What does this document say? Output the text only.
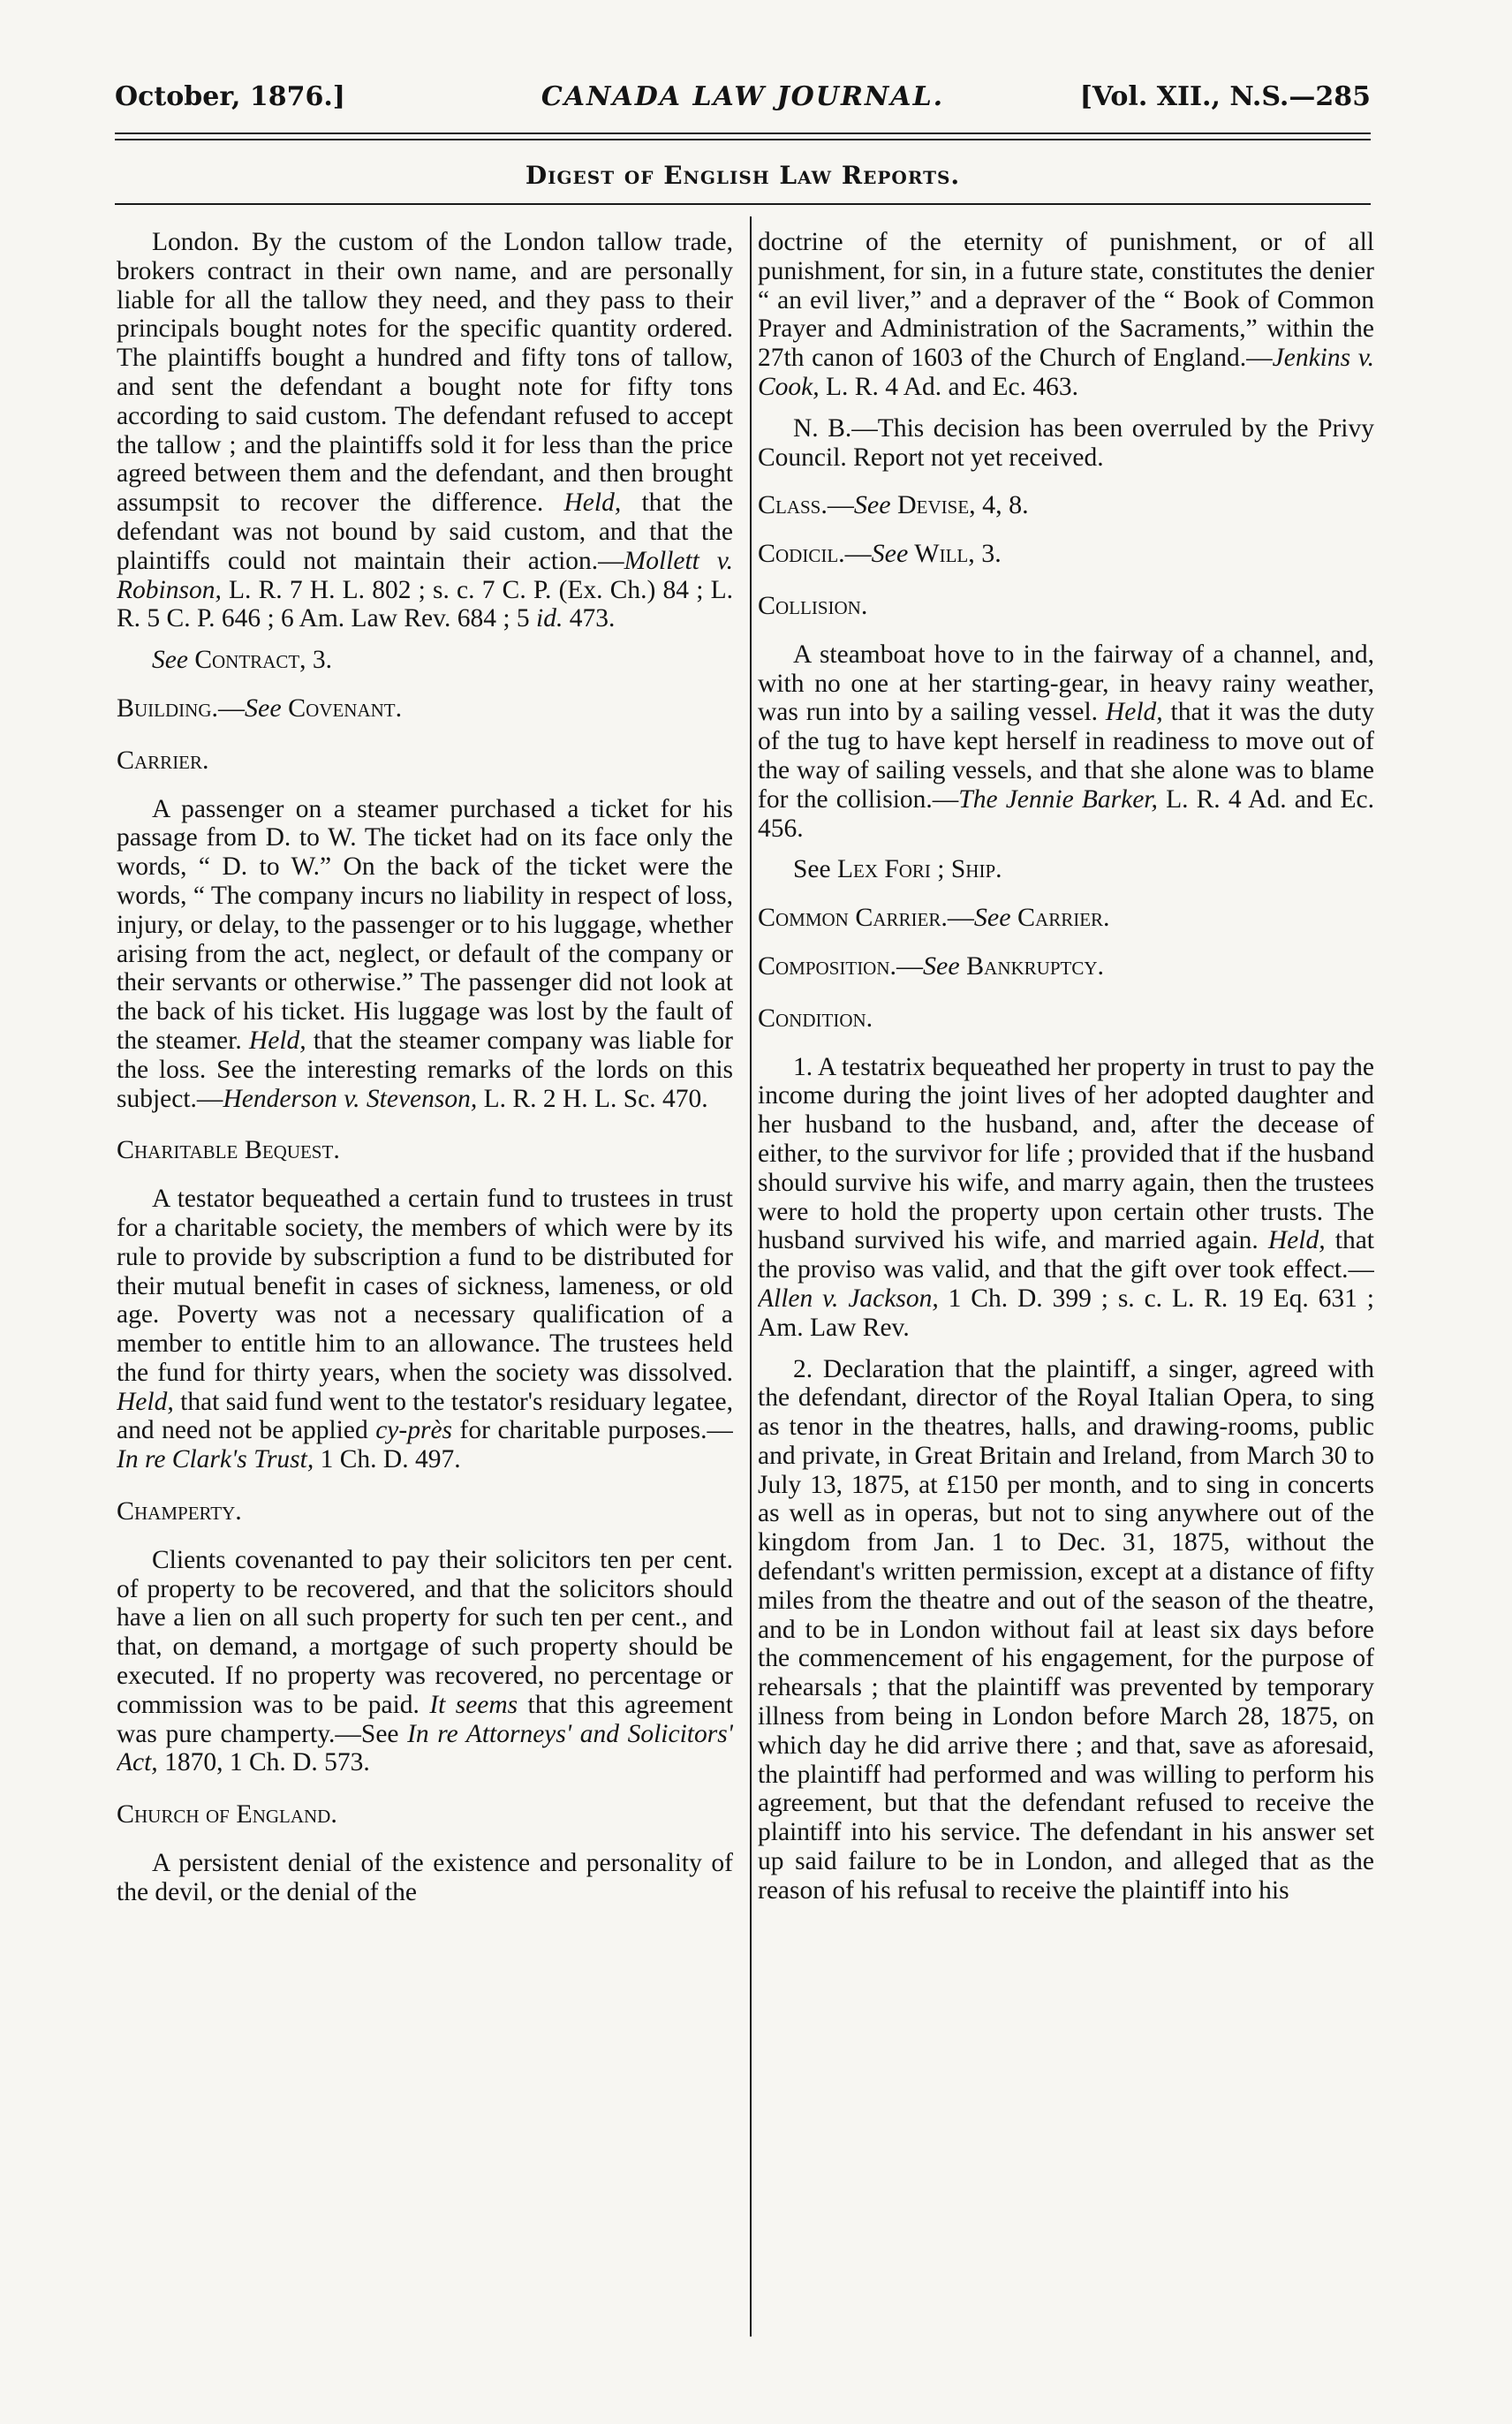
October, 1876.]	CANADA LAW JOURNAL.	[Vol. XII., N.S.—285
Digest of English Law Reports.

London. By the custom of the London tallow trade, brokers contract in their own name, and are personally liable for all the tallow they need, and they pass to their principals bought notes for the specific quantity ordered. The plaintiffs bought a hundred and fifty tons of tallow, and sent the defendant a bought note for fifty tons according to said custom. The defendant refused to accept the tallow ; and the plaintiffs sold it for less than the price agreed between them and the defendant, and then brought assumpsit to recover the difference. Held, that the defendant was not bound by said custom, and that the plaintiffs could not maintain their action.—Mollett v. Robinson, L. R. 7 H. L. 802 ; s. c. 7 C. P. (Ex. Ch.) 84 ; L. R. 5 C. P. 646 ; 6 Am. Law Rev. 684 ; 5 id. 473.

See Contract, 3.

Building.—See Covenant.

Carrier.

A passenger on a steamer purchased a ticket for his passage from D. to W. The ticket had on its face only the words, “ D. to W.” On the back of the ticket were the words, “ The company incurs no liability in respect of loss, injury, or delay, to the passenger or to his luggage, whether arising from the act, neglect, or default of the company or their servants or otherwise.” The passenger did not look at the back of his ticket. His luggage was lost by the fault of the steamer. Held, that the steamer company was liable for the loss. See the interesting remarks of the lords on this subject.—Henderson v. Stevenson, L. R. 2 H. L. Sc. 470.

Charitable Bequest.

A testator bequeathed a certain fund to trustees in trust for a charitable society, the members of which were by its rule to provide by subscription a fund to be distributed for their mutual benefit in cases of sickness, lameness, or old age. Poverty was not a necessary qualification of a member to entitle him to an allowance. The trustees held the fund for thirty years, when the society was dissolved. Held, that said fund went to the testator's residuary legatee, and need not be applied cy-près for charitable purposes.—In re Clark's Trust, 1 Ch. D. 497.

Champerty.

Clients covenanted to pay their solicitors ten per cent. of property to be recovered, and that the solicitors should have a lien on all such property for such ten per cent., and that, on demand, a mortgage of such property should be executed. If no property was recovered, no percentage or commission was to be paid. It seems that this agreement was pure champerty.—See In re Attorneys' and Solicitors' Act, 1870, 1 Ch. D. 573.

Church of England.

A persistent denial of the existence and personality of the devil, or the denial of the

doctrine of the eternity of punishment, or of all punishment, for sin, in a future state, constitutes the denier “ an evil liver,” and a depraver of the “ Book of Common Prayer and Administration of the Sacraments,” within the 27th canon of 1603 of the Church of England.—Jenkins v. Cook, L. R. 4 Ad. and Ec. 463.

N. B.—This decision has been overruled by the Privy Council. Report not yet received.

Class.—See Devise, 4, 8.

Codicil.—See Will, 3.

Collision.

A steamboat hove to in the fairway of a channel, and, with no one at her starting-gear, in heavy rainy weather, was run into by a sailing vessel. Held, that it was the duty of the tug to have kept herself in readiness to move out of the way of sailing vessels, and that she alone was to blame for the collision.—The Jennie Barker, L. R. 4 Ad. and Ec. 456.

See Lex Fori ; Ship.

Common Carrier.—See Carrier.

Composition.—See Bankruptcy.

Condition.

1. A testatrix bequeathed her property in trust to pay the income during the joint lives of her adopted daughter and her husband to the husband, and, after the decease of either, to the survivor for life ; provided that if the husband should survive his wife, and marry again, then the trustees were to hold the property upon certain other trusts. The husband survived his wife, and married again. Held, that the proviso was valid, and that the gift over took effect.—Allen v. Jackson, 1 Ch. D. 399 ; s. c. L. R. 19 Eq. 631 ; Am. Law Rev.

2. Declaration that the plaintiff, a singer, agreed with the defendant, director of the Royal Italian Opera, to sing as tenor in the theatres, halls, and drawing-rooms, public and private, in Great Britain and Ireland, from March 30 to July 13, 1875, at £150 per month, and to sing in concerts as well as in operas, but not to sing anywhere out of the kingdom from Jan. 1 to Dec. 31, 1875, without the defendant's written permission, except at a distance of fifty miles from the theatre and out of the season of the theatre, and to be in London without fail at least six days before the commencement of his engagement, for the purpose of rehearsals ; that the plaintiff was prevented by temporary illness from being in London before March 28, 1875, on which day he did arrive there ; and that, save as aforesaid, the plaintiff had performed and was willing to perform his agreement, but that the defendant refused to receive the plaintiff into his service. The defendant in his answer set up said failure to be in London, and alleged that as the reason of his refusal to receive the plaintiff into his
